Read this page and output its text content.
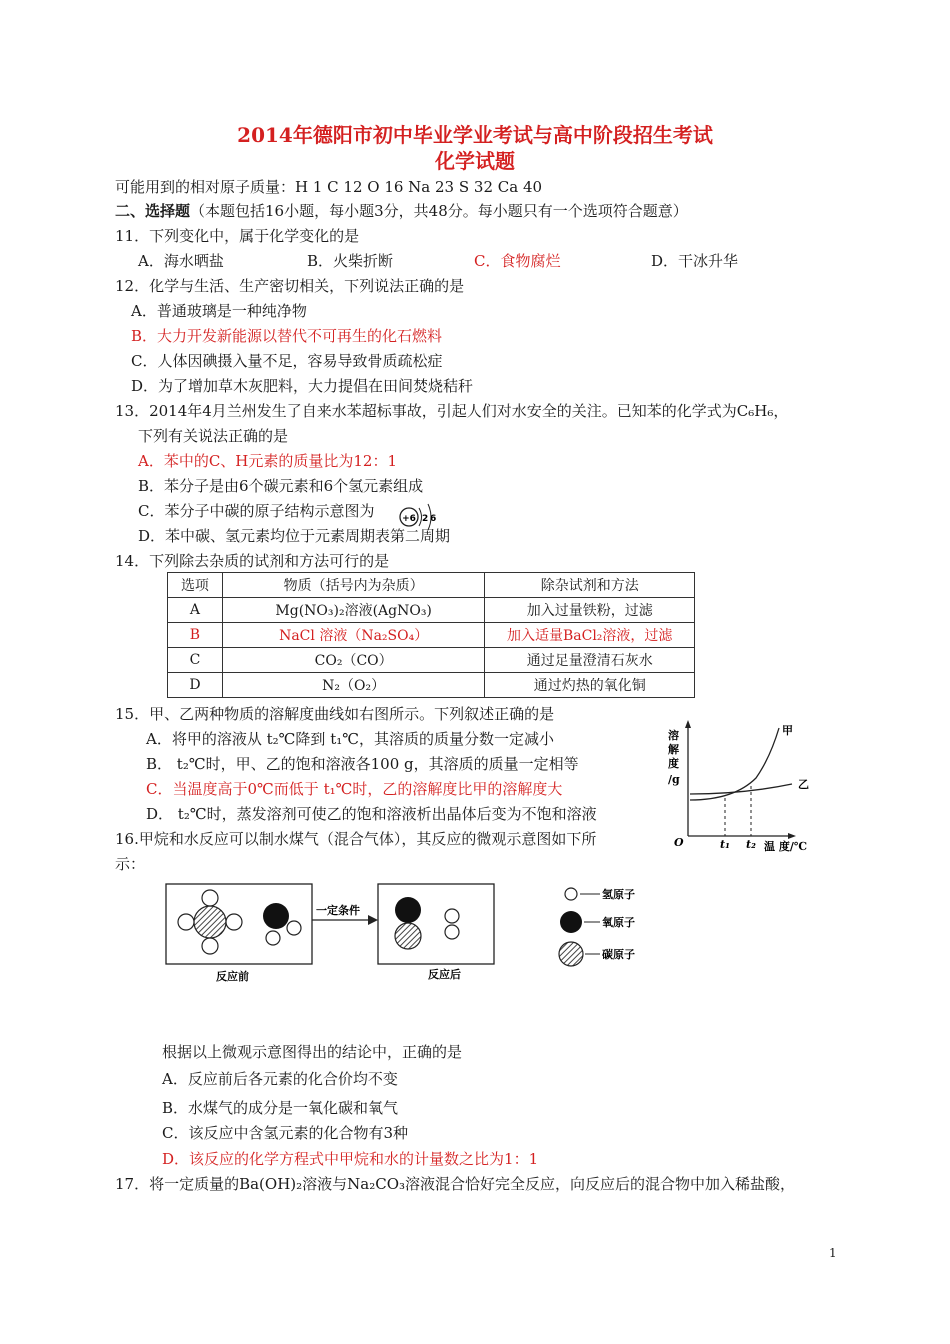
2014年德阳市初中毕业学业考试与高中阶段招生考试
化学试题
可能用到的相对原子质量：H 1 C 12 O 16 Na 23 S 32 Ca 40
二、选择题（本题包括16小题，每小题3分，共48分。每小题只有一个选项符合题意）
11．下列变化中，属于化学变化的是
A．海水晒盐	B．火柴折断	C．食物腐烂	D．干冰升华
12．化学与生活、生产密切相关，下列说法正确的是
A．普通玻璃是一种纯净物
B．大力开发新能源以替代不可再生的化石燃料
C．人体因碘摄入量不足，容易导致骨质疏松症
D．为了增加草木灰肥料，大力提倡在田间焚烧秸秆
13．2014年4月兰州发生了自来水苯超标事故，引起人们对水安全的关注。已知苯的化学式为C₆H₆，
下列有关说法正确的是
A．苯中的C、H元素的质量比为12：1
B．苯分子是由6个碳元素和6个氢元素组成
C．苯分子中碳的原子结构示意图为
D．苯中碳、氢元素均位于元素周期表第二周期
+6 2 6
14．下列除去杂质的试剂和方法可行的是
选项	物质（括号内为杂质）	除杂试剂和方法
A	Mg(NO₃)₂溶液(AgNO₃)	加入过量铁粉，过滤
B	NaCl 溶液（Na₂SO₄）	加入适量BaCl₂溶液，过滤
C	CO₂（CO）	通过足量澄清石灰水
D	N₂（O₂）	通过灼热的氧化铜
15．甲、乙两种物质的溶解度曲线如右图所示。下列叙述正确的是
A．将甲的溶液从 t₂℃降到 t₁℃，其溶质的质量分数一定减小
B． t₂℃时，甲、乙的饱和溶液各100 g，其溶质的质量一定相等
C．当温度高于0℃而低于 t₁℃时，乙的溶解度比甲的溶解度大
D． t₂℃时，蒸发溶剂可使乙的饱和溶液析出晶体后变为不饱和溶液
溶
解
度
/g
O
甲
乙
t₁ t₂ 温 度/℃
16.甲烷和水反应可以制水煤气（混合气体），其反应的微观示意图如下所
示：
一定条件
反应前	反应后
氢原子
氧原子
碳原子
根据以上微观示意图得出的结论中，正确的是
A．反应前后各元素的化合价均不变
B．水煤气的成分是一氧化碳和氧气
C．该反应中含氢元素的化合物有3种
D．该反应的化学方程式中甲烷和水的计量数之比为1：1
17．将一定质量的Ba(OH)₂溶液与Na₂CO₃溶液混合恰好完全反应，向反应后的混合物中加入稀盐酸，
1
